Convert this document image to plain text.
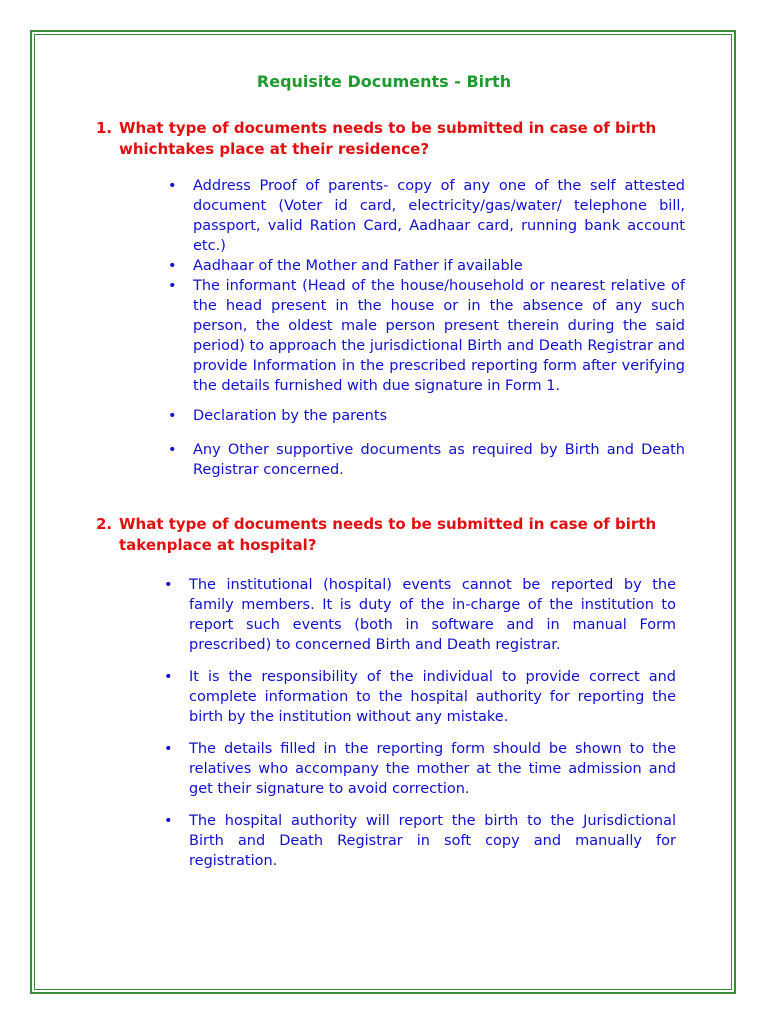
Requisite Documents - Birth
1. What type of documents needs to be submitted in case of birth
whichtakes place at their residence?
• Address Proof of parents- copy of any one of the self attested document (Voter id card, electricity/gas/water/ telephone bill, passport, valid Ration Card, Aadhaar card, running bank account etc.)
• Aadhaar of the Mother and Father if available
• The informant (Head of the house/household or nearest relative of the head present in the house or in the absence of any such person, the oldest male person present therein during the said period) to approach the jurisdictional Birth and Death Registrar and provide Information in the prescribed reporting form after verifying the details furnished with due signature in Form 1.
• Declaration by the parents
• Any Other supportive documents as required by Birth and Death Registrar concerned.
2. What type of documents needs to be submitted in case of birth
takenplace at hospital?
• The institutional (hospital) events cannot be reported by the family members. It is duty of the in-charge of the institution to report such events (both in software and in manual Form prescribed) to concerned Birth and Death registrar.
• It is the responsibility of the individual to provide correct and complete information to the hospital authority for reporting the birth by the institution without any mistake.
• The details filled in the reporting form should be shown to the relatives who accompany the mother at the time admission and get their signature to avoid correction.
• The hospital authority will report the birth to the Jurisdictional Birth and Death Registrar in soft copy and manually for registration.
